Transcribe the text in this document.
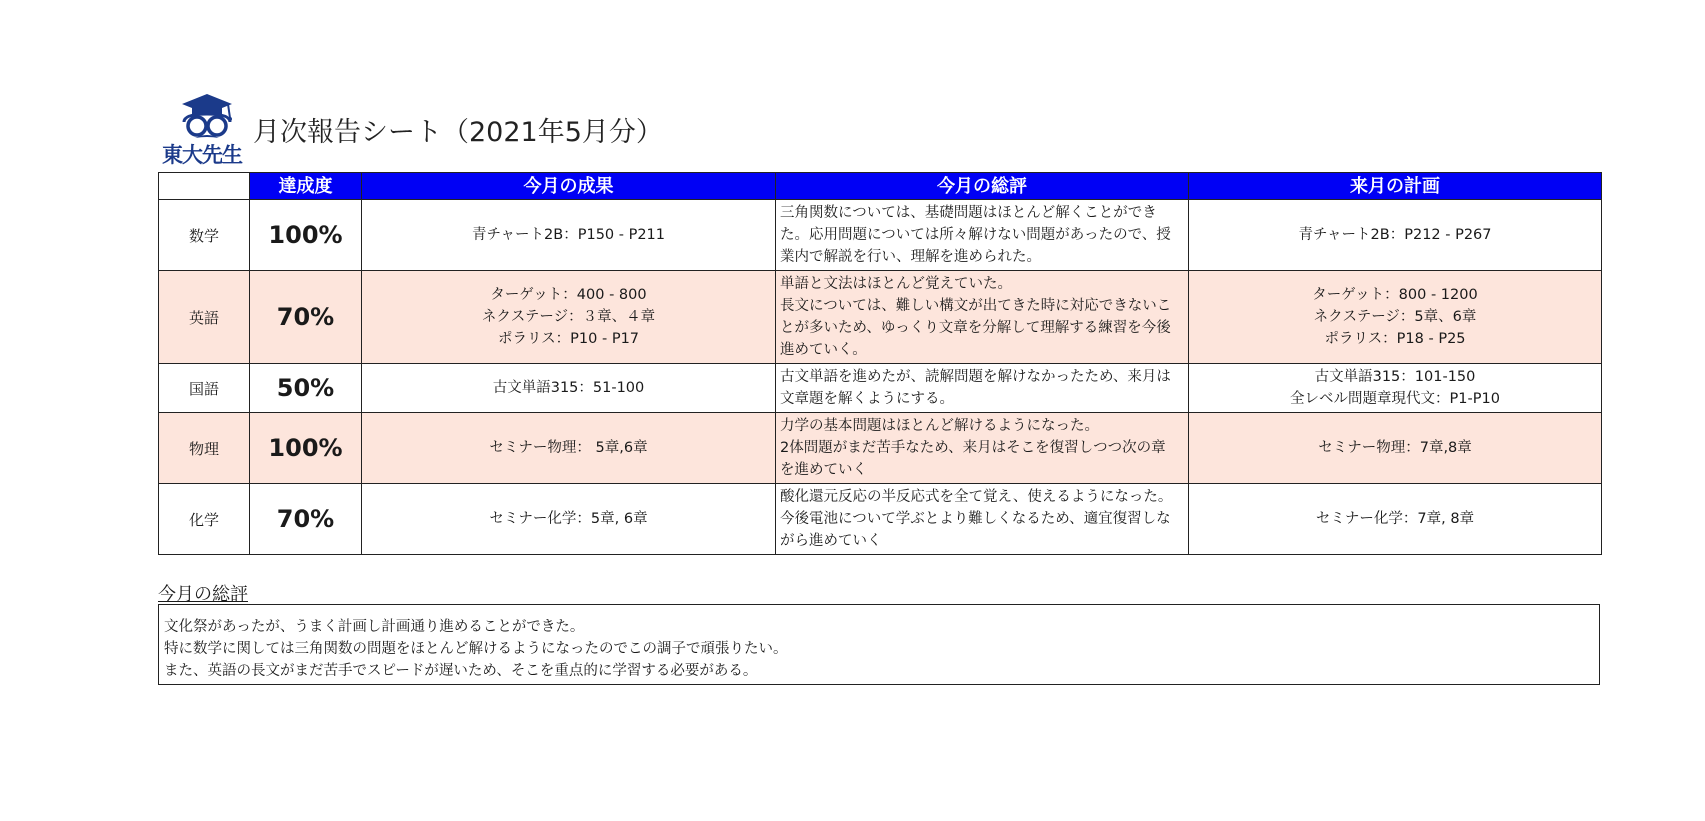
東大先生
月次報告シート（2021年5月分）
	達成度	今月の成果	今月の総評	来月の計画
数学	100%	青チャート2B：P150 - P211	三角関数については、基礎問題はほとんど解くことができ
た。応用問題については所々解けない問題があったので、授
業内で解説を行い、理解を進められた。	青チャート2B：P212 - P267

英語	70%	ターゲット：400 - 800
ネクステージ：３章、４章
ポラリス：P10 - P17	単語と文法はほとんど覚えていた。
長文については、難しい構文が出てきた時に対応できないこ
とが多いため、ゆっくり文章を分解して理解する練習を今後
進めていく。	ターゲット：800 - 1200
ネクステージ：5章、6章
ポラリス：P18 - P25

国語	50%	古文単語315：51-100	古文単語を進めたが、読解問題を解けなかったため、来月は
文章題を解くようにする。	古文単語315：101-150
全レベル問題章現代文：P1-P10

物理	100%	セミナー物理： 5章,6章	力学の基本問題はほとんど解けるようになった。
2体問題がまだ苦手なため、来月はそこを復習しつつ次の章
を進めていく	セミナー物理：7章,8章

化学	70%	セミナー化学：5章, 6章	酸化還元反応の半反応式を全て覚え、使えるようになった。
今後電池について学ぶとより難しくなるため、適宜復習しな
がら進めていく	セミナー化学：7章, 8章
今月の総評
文化祭があったが、うまく計画し計画通り進めることができた。
特に数学に関しては三角関数の問題をほとんど解けるようになったのでこの調子で頑張りたい。
また、英語の長文がまだ苦手でスピードが遅いため、そこを重点的に学習する必要がある。
